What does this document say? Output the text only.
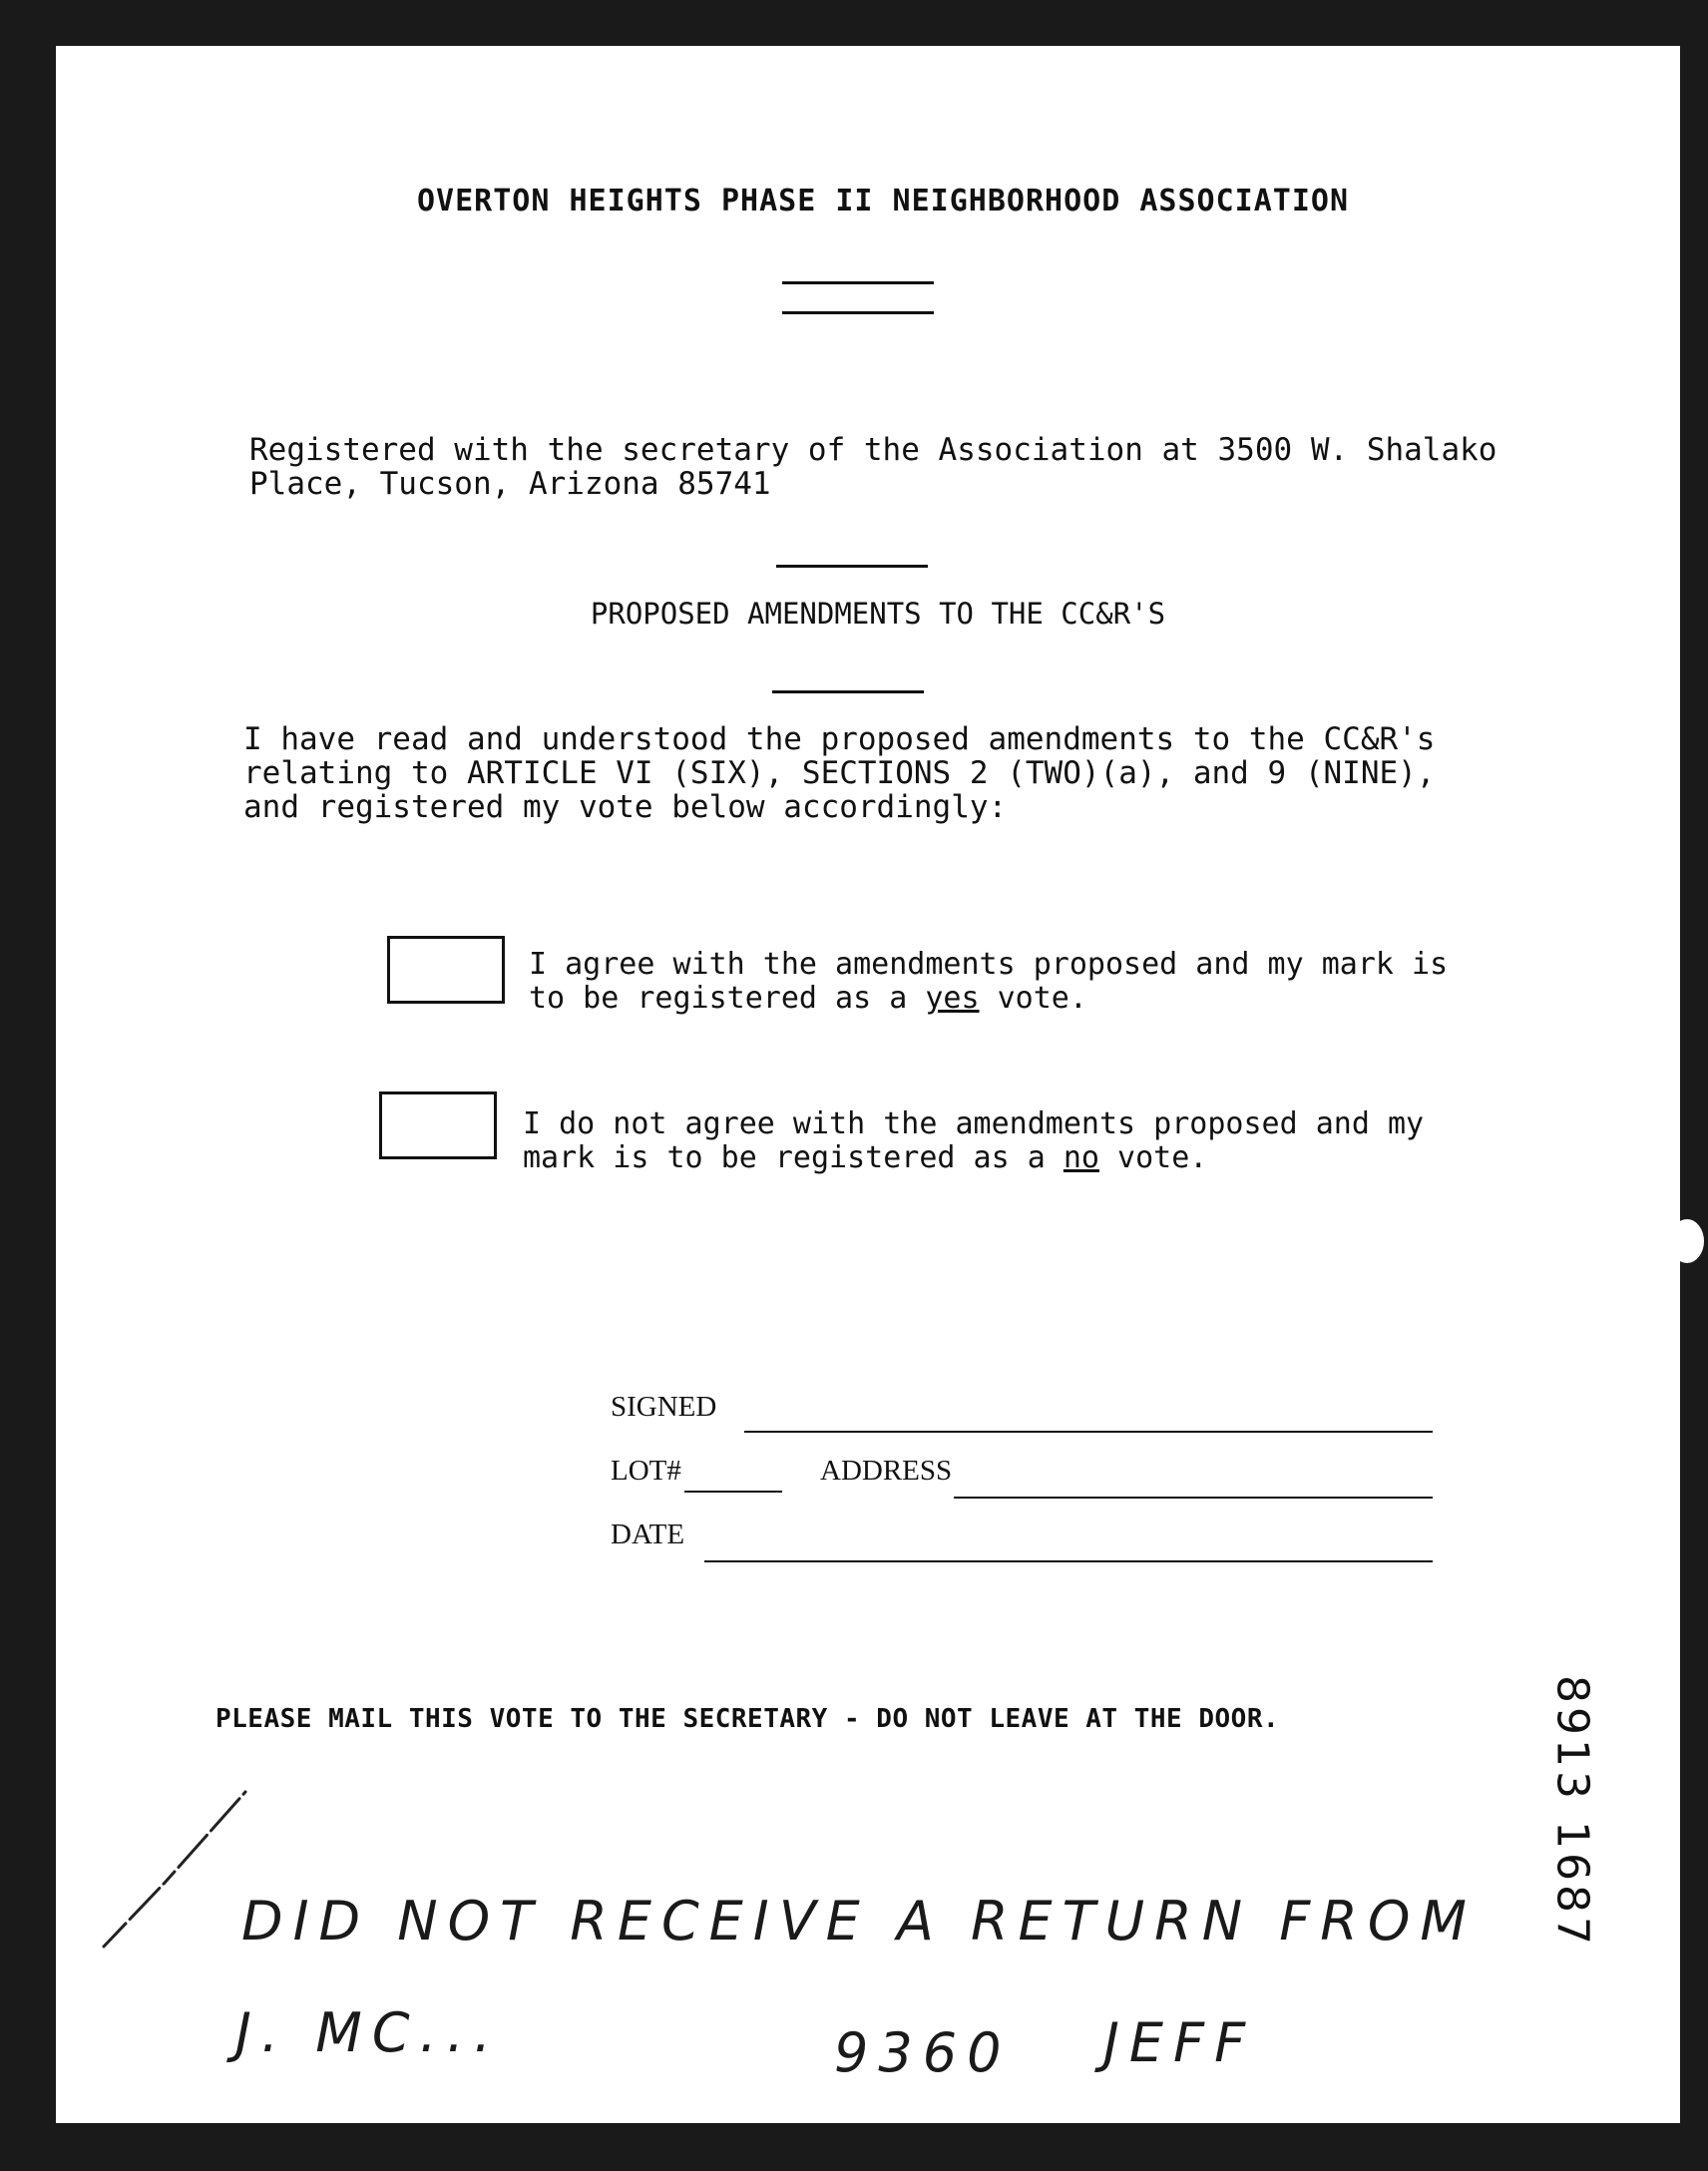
OVERTON HEIGHTS PHASE II NEIGHBORHOOD ASSOCIATION
Registered with the secretary of the Association at 3500 W. Shalako
Place, Tucson, Arizona 85741
PROPOSED AMENDMENTS TO THE CC&R'S
I have read and understood the proposed amendments to the CC&R's
relating to ARTICLE VI (SIX), SECTIONS 2 (TWO)(a), and 9 (NINE),
and registered my vote below accordingly:
I agree with the amendments proposed and my mark is to be registered as a yes vote.
I do not agree with the amendments proposed and my mark is to be registered as a no vote.
SIGNED
LOT#	ADDRESS
DATE
PLEASE MAIL THIS VOTE TO THE SECRETARY - DO NOT LEAVE AT THE DOOR.	8913 1687
DID NOT RECEIVE A RETURN FROM
J. MC...	9360 JEFF
